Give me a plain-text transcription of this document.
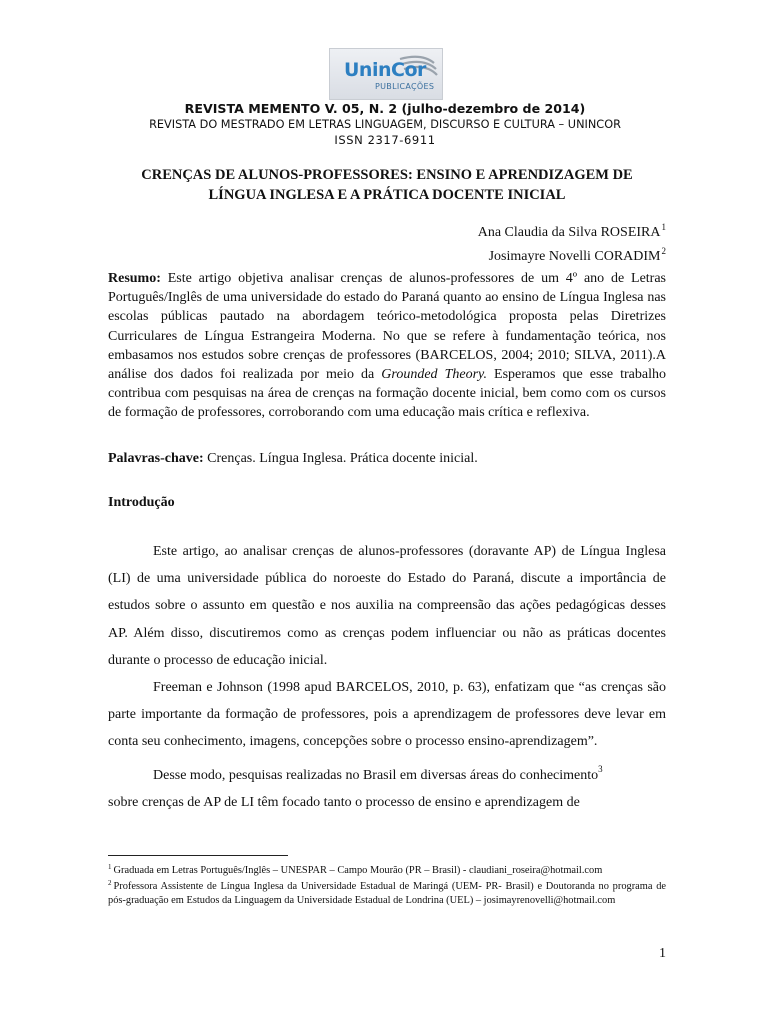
UninCor
PUBLICAÇÕES
REVISTA MEMENTO V. 05, N. 2 (julho-dezembro de 2014)
REVISTA DO MESTRADO EM LETRAS LINGUAGEM, DISCURSO E CULTURA – UNINCOR
ISSN 2317-6911
CRENÇAS DE ALUNOS-PROFESSORES: ENSINO E APRENDIZAGEM DE
LÍNGUA INGLESA E A PRÁTICA DOCENTE INICIAL
Ana Claudia da Silva ROSEIRA$^1$
Josimayre Novelli CORADIM$^2$
Resumo: Este artigo objetiva analisar crenças de alunos-professores de um 4º ano de Letras Português/Inglês de uma universidade do estado do Paraná quanto ao ensino de Língua Inglesa nas escolas públicas pautado na abordagem teórico-metodológica proposta pelas Diretrizes Curriculares de Língua Estrangeira Moderna. No que se refere à fundamentação teórica, nos embasamos nos estudos sobre crenças de professores (BARCELOS, 2004; 2010; SILVA, 2011).A análise dos dados foi realizada por meio da Grounded Theory. Esperamos que esse trabalho contribua com pesquisas na área de crenças na formação docente inicial, bem como com os cursos de formação de professores, corroborando com uma educação mais crítica e reflexiva.
Palavras-chave: Crenças. Língua Inglesa. Prática docente inicial.
Introdução

Este artigo, ao analisar crenças de alunos-professores (doravante AP) de Língua Inglesa (LI) de uma universidade pública do noroeste do Estado do Paraná, discute a importância de estudos sobre o assunto em questão e nos auxilia na compreensão das ações pedagógicas desses AP. Além disso, discutiremos como as crenças podem influenciar ou não as práticas docentes durante o processo de educação inicial.

Freeman e Johnson (1998 apud BARCELOS, 2010, p. 63), enfatizam que “as crenças são parte importante da formação de professores, pois a aprendizagem de professores deve levar em conta seu conhecimento, imagens, concepções sobre o processo ensino-aprendizagem”.

Desse modo, pesquisas realizadas no Brasil em diversas áreas do conhecimento$^3$

sobre crenças de AP de LI têm focado tanto o processo de ensino e aprendizagem de

$^1$ Graduada em Letras Português/Inglês – UNESPAR – Campo Mourão (PR – Brasil) - claudiani_roseira@hotmail.com

$^2$ Professora Assistente de Língua Inglesa da Universidade Estadual de Maringá (UEM- PR- Brasil) e Doutoranda no programa de pós-graduação em Estudos da Linguagem da Universidade Estadual de Londrina (UEL) – josimayrenovelli@hotmail.com

1
